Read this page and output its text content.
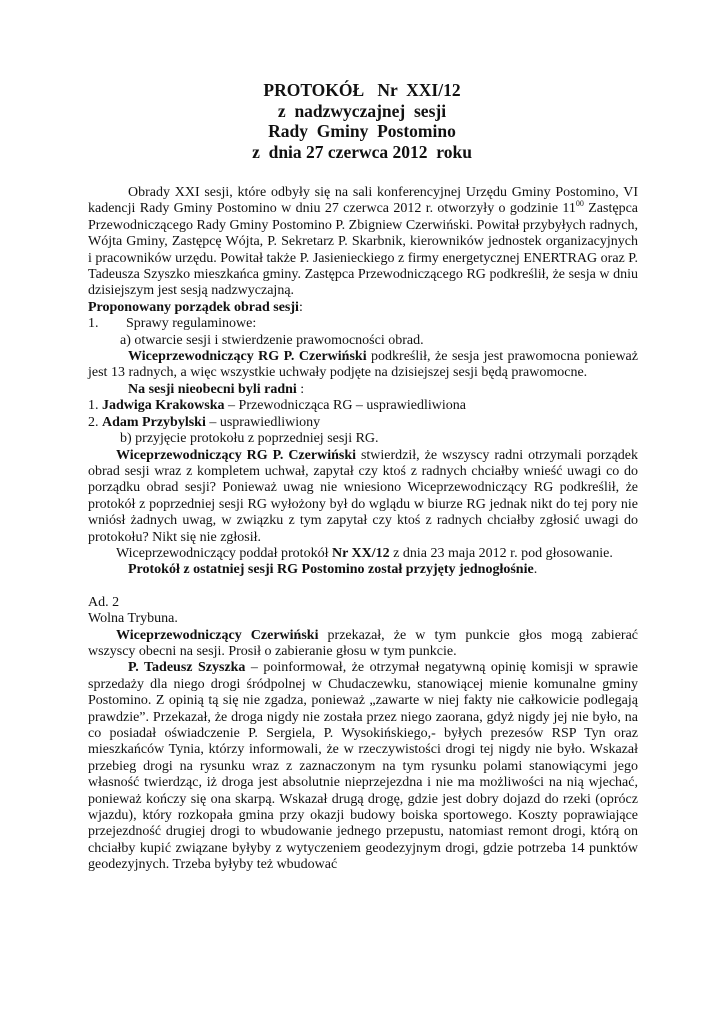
PROTOKÓŁ   Nr  XXI/12
z  nadzwyczajnej  sesji
Rady  Gminy  Postomino
z  dnia 27 czerwca 2012  roku

Obrady XXI sesji, które odbyły się na sali konferencyjnej Urzędu Gminy Postomino, VI kadencji Rady Gminy Postomino w dniu 27 czerwca 2012 r. otworzyły o godzinie $11^{00}$ Zastępca Przewodniczącego Rady Gminy Postomino P. Zbigniew Czerwiński. Powitał przybyłych radnych, Wójta Gminy, Zastępcę Wójta, P. Sekretarz P. Skarbnik, kierowników jednostek organizacyjnych i pracowników urzędu. Powitał także P. Jasienieckiego z firmy energetycznej ENERTRAG oraz P. Tadeusza Szyszko mieszkańca gminy. Zastępca Przewodniczącego RG podkreślił, że sesja w dniu dzisiejszym jest sesją nadzwyczajną.

Proponowany porządek obrad sesji:

1. Sprawy regulaminowe:

a) otwarcie sesji i stwierdzenie prawomocności obrad.

Wiceprzewodniczący RG P. Czerwiński podkreślił, że sesja jest prawomocna ponieważ jest 13 radnych, a więc wszystkie uchwały podjęte na dzisiejszej sesji będą prawomocne.

Na sesji nieobecni byli radni :

1. Jadwiga Krakowska – Przewodnicząca RG – usprawiedliwiona

2. Adam Przybylski – usprawiedliwiony

b) przyjęcie protokołu z poprzedniej sesji RG.

Wiceprzewodniczący RG P. Czerwiński stwierdził, że wszyscy radni otrzymali porządek obrad sesji wraz z kompletem uchwał, zapytał czy ktoś z radnych chciałby wnieść uwagi co do porządku obrad sesji? Ponieważ uwag nie wniesiono Wiceprzewodniczący RG podkreślił, że protokół z poprzedniej sesji RG wyłożony był do wglądu w biurze RG jednak nikt do tej pory nie wniósł żadnych uwag, w związku z tym zapytał czy ktoś z radnych chciałby zgłosić uwagi do protokołu? Nikt się nie zgłosił.

Wiceprzewodniczący poddał protokół Nr XX/12 z dnia 23 maja 2012 r. pod głosowanie.

Protokół z ostatniej sesji RG Postomino został przyjęty jednogłośnie.

Ad. 2

Wolna Trybuna.

Wiceprzewodniczący Czerwiński przekazał, że w tym punkcie głos mogą zabierać wszyscy obecni na sesji. Prosił o zabieranie głosu w tym punkcie.

P. Tadeusz Szyszka – poinformował, że otrzymał negatywną opinię komisji w sprawie sprzedaży dla niego drogi śródpolnej w Chudaczewku, stanowiącej mienie komunalne gminy Postomino. Z opinią tą się nie zgadza, ponieważ „zawarte w niej fakty nie całkowicie podlegają prawdzie”. Przekazał, że droga nigdy nie została przez niego zaorana, gdyż nigdy jej nie było, na co posiadał oświadczenie P. Sergiela, P. Wysokińskiego,- byłych prezesów RSP Tyn oraz mieszkańców Tynia, którzy informowali, że w rzeczywistości drogi tej nigdy nie było. Wskazał przebieg drogi na rysunku wraz z zaznaczonym na tym rysunku polami stanowiącymi jego własność twierdząc, iż droga jest absolutnie nieprzejezdna i nie ma możliwości na nią wjechać, ponieważ kończy się ona skarpą. Wskazał drugą drogę, gdzie jest dobry dojazd do rzeki (oprócz wjazdu), który rozkopała gmina przy okazji budowy boiska sportowego. Koszty poprawiające przejezdność drugiej drogi to wbudowanie jednego przepustu, natomiast remont drogi, którą on chciałby kupić związane byłyby z wytyczeniem geodezyjnym drogi, gdzie potrzeba 14 punktów geodezyjnych. Trzeba byłyby też wbudować
